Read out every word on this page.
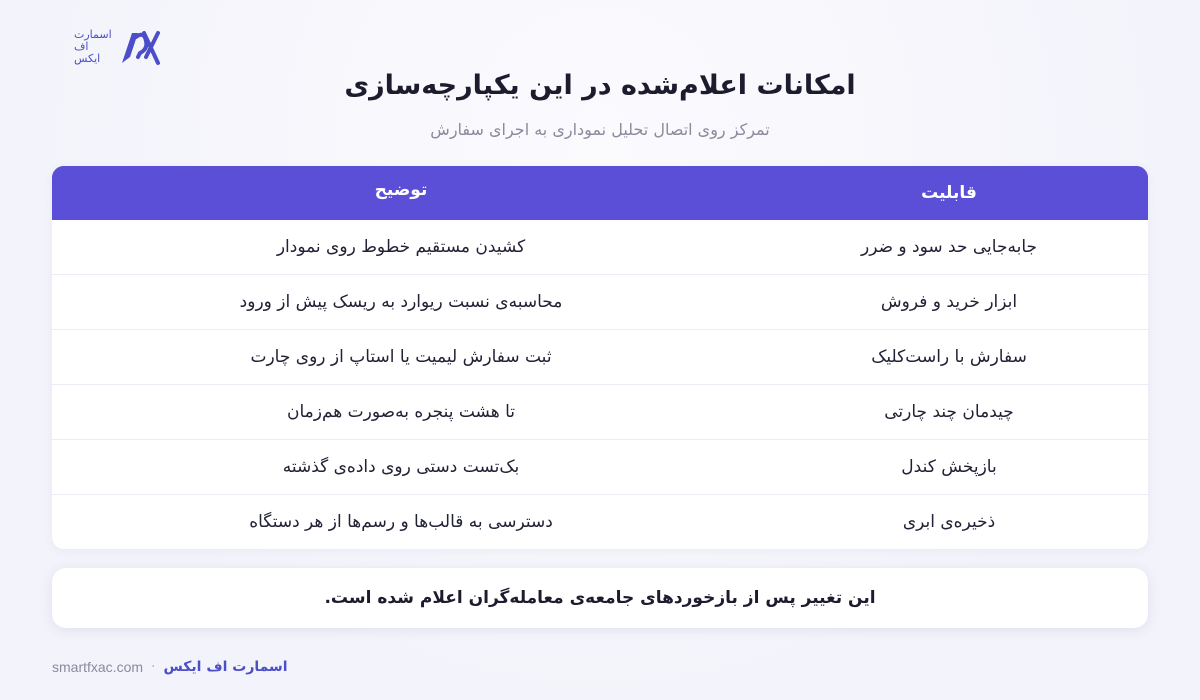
اسمارت
اف
ایکس
امکانات اعلام‌شده در این یکپارچه‌سازی
تمرکز روی اتصال تحلیل نموداری به اجرای سفارش
قابلیت
توضیح
جابه‌جایی حد سود و ضرر
کشیدن مستقیم خطوط روی نمودار
ابزار خرید و فروش
محاسبه‌ی نسبت ریوارد به ریسک پیش از ورود
سفارش با راست‌کلیک
ثبت سفارش لیمیت یا استاپ از روی چارت
چیدمان چند چارتی
تا هشت پنجره به‌صورت هم‌زمان
بازپخش کندل
بک‌تست دستی روی داده‌ی گذشته
ذخیره‌ی ابری
دسترسی به قالب‌ها و رسم‌ها از هر دستگاه
این تغییر پس از بازخوردهای جامعه‌ی معامله‌گران اعلام شده است.
smartfxac.com · اسمارت اف ایکس
